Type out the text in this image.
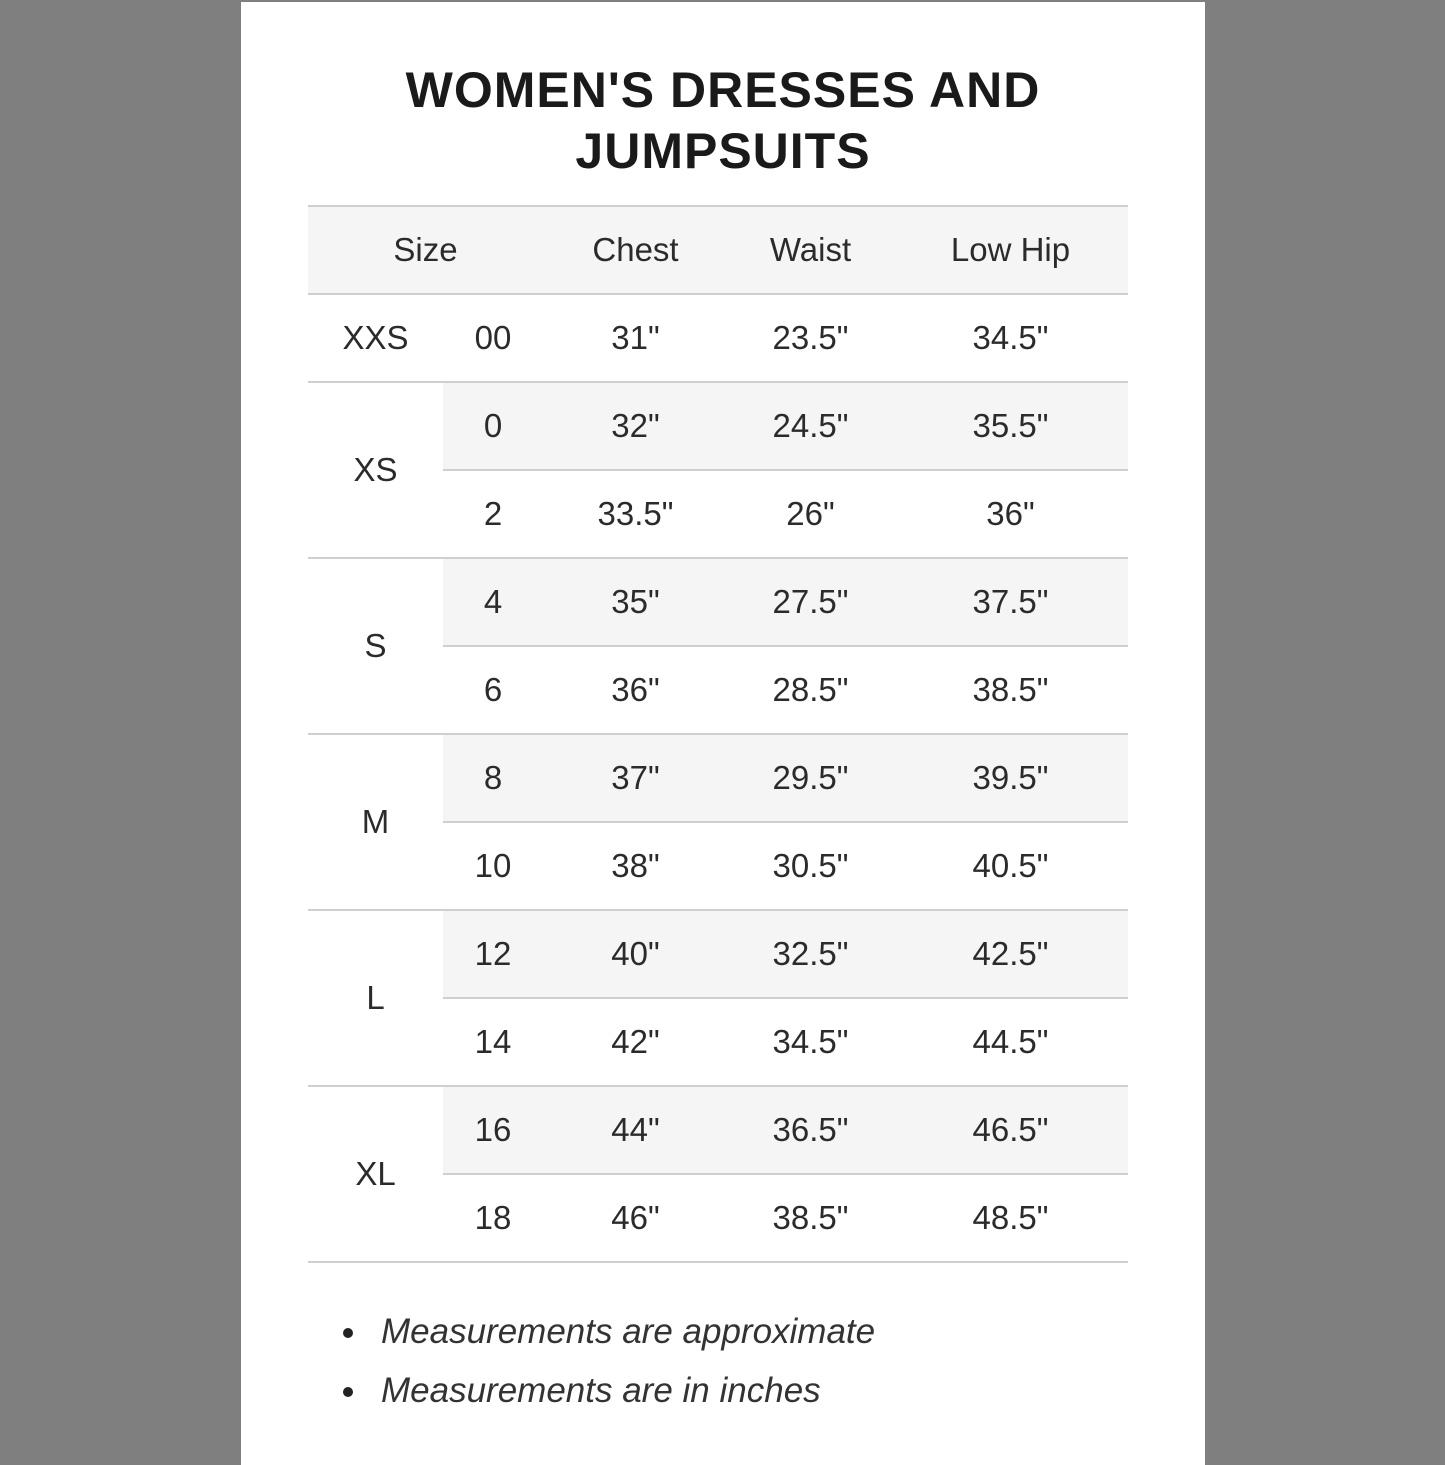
WOMEN'S DRESSES AND
JUMPSUITS
Size		Chest	Waist	Low Hip
XXS	00	31"	23.5"	34.5"
XS	0	32"	24.5"	35.5"
	2	33.5"	26"	36"
S	4	35"	27.5"	37.5"
	6	36"	28.5"	38.5"
M	8	37"	29.5"	39.5"
	10	38"	30.5"	40.5"
L	12	40"	32.5"	42.5"
	14	42"	34.5"	44.5"
XL	16	44"	36.5"	46.5"
	18	46"	38.5"	48.5"
Measurements are approximate
Measurements are in inches
